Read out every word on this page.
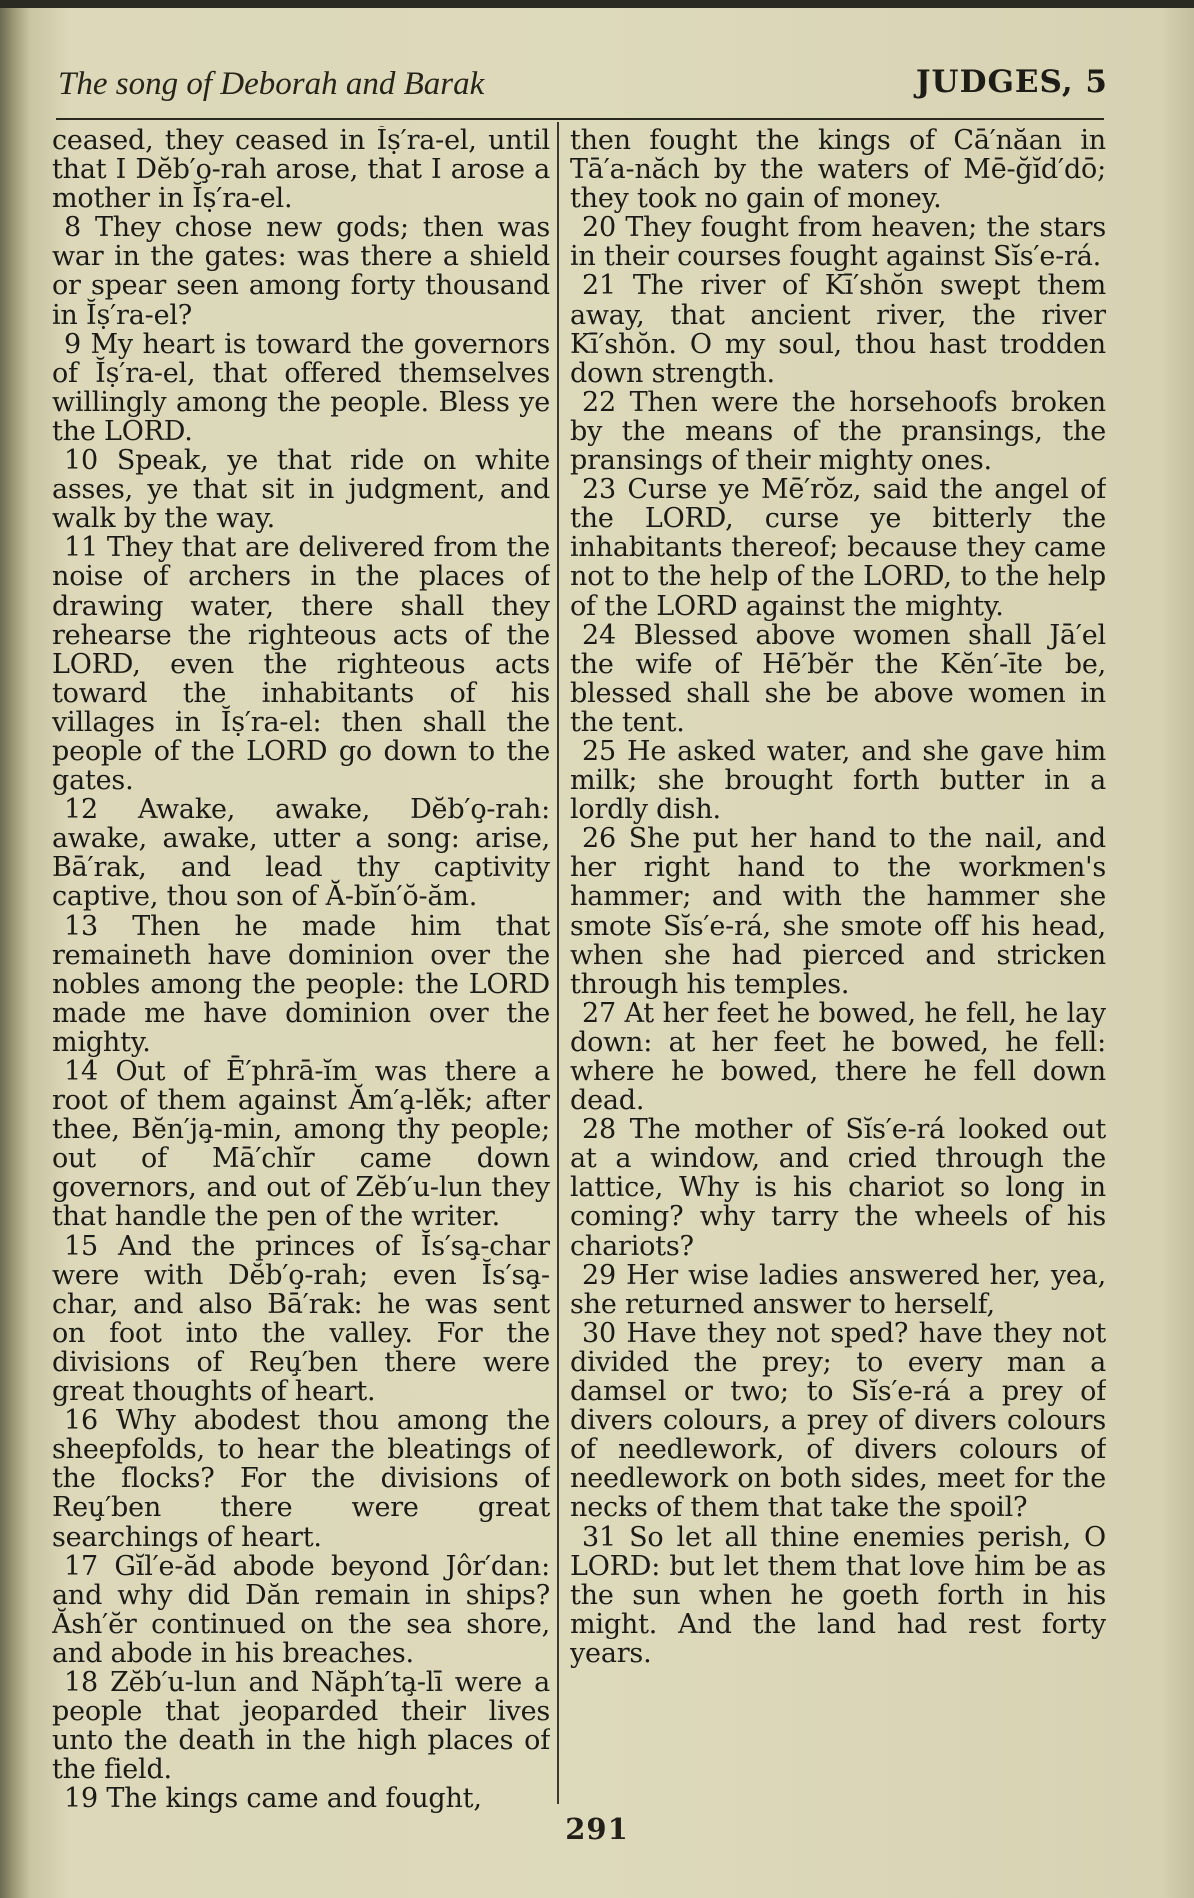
The song of Deborah and Barak	JUDGES, 5

ceased, they ceased in Ĭṣ′ra-el, until that I Dĕb′o̧-rah arose, that I arose a mother in Ĭṣ′ra-el.

8 They chose new gods; then was war in the gates: was there a shield or spear seen among forty thousand in Ĭṣ′ra-el?

9 My heart is toward the governors of Ĭṣ′ra-el, that offered themselves willingly among the people. Bless ye the LORD.

10 Speak, ye that ride on white asses, ye that sit in judgment, and walk by the way.

11 They that are delivered from the noise of archers in the places of drawing water, there shall they rehearse the righteous acts of the LORD, even the righteous acts toward the inhabitants of his villages in Ĭṣ′ra-el: then shall the people of the LORD go down to the gates.

12 Awake, awake, Dĕb′o̧-rah: awake, awake, utter a song: arise, Bā′rak, and lead thy captivity captive, thou son of Ă-bĭn′ŏ-ăm.

13 Then he made him that remaineth have dominion over the nobles among the people: the LORD made me have dominion over the mighty.

14 Out of Ē′phrā-ĭm was there a root of them against Ăm′a̧-lĕk; after thee, Bĕn′ja̧-min, among thy people; out of Mā′chĭr came down governors, and out of Zĕb′u-lun they that handle the pen of the writer.

15 And the princes of Ĭs′sa̧-char were with Dĕb′o̧-rah; even Ĭs′sa̧-char, and also Bā′rak: he was sent on foot into the valley. For the divisions of Reu̧′ben there were great thoughts of heart.

16 Why abodest thou among the sheepfolds, to hear the bleatings of the flocks? For the divisions of Reu̧′ben there were great searchings of heart.

17 Gĭl′e-ăd abode beyond Jôr′dan: and why did Dăn remain in ships? Ăsh′ĕr continued on the sea shore, and abode in his breaches.

18 Zĕb′u-lun and Năph′ta̧-lī were a people that jeoparded their lives unto the death in the high places of the field.

19 The kings came and fought,

then fought the kings of Cā′năan in Tā′a-năch by the waters of Mē-ğĭd′dō; they took no gain of money.

20 They fought from heaven; the stars in their courses fought against Sĭs′e-rá.

21 The river of Kī′shŏn swept them away, that ancient river, the river Kī′shŏn. O my soul, thou hast trodden down strength.

22 Then were the horsehoofs broken by the means of the pransings, the pransings of their mighty ones.

23 Curse ye Mē′rŏz, said the angel of the LORD, curse ye bitterly the inhabitants thereof; because they came not to the help of the LORD, to the help of the LORD against the mighty.

24 Blessed above women shall Jā′el the wife of Hē′bĕr the Kĕn′-īte be, blessed shall she be above women in the tent.

25 He asked water, and she gave him milk; she brought forth butter in a lordly dish.

26 She put her hand to the nail, and her right hand to the workmen's hammer; and with the hammer she smote Sĭs′e-rá, she smote off his head, when she had pierced and stricken through his temples.

27 At her feet he bowed, he fell, he lay down: at her feet he bowed, he fell: where he bowed, there he fell down dead.

28 The mother of Sĭs′e-rá looked out at a window, and cried through the lattice, Why is his chariot so long in coming? why tarry the wheels of his chariots?

29 Her wise ladies answered her, yea, she returned answer to herself,

30 Have they not sped? have they not divided the prey; to every man a damsel or two; to Sĭs′e-rá a prey of divers colours, a prey of divers colours of needlework, of divers colours of needlework on both sides, meet for the necks of them that take the spoil?

31 So let all thine enemies perish, O LORD: but let them that love him be as the sun when he goeth forth in his might. And the land had rest forty years.

291
